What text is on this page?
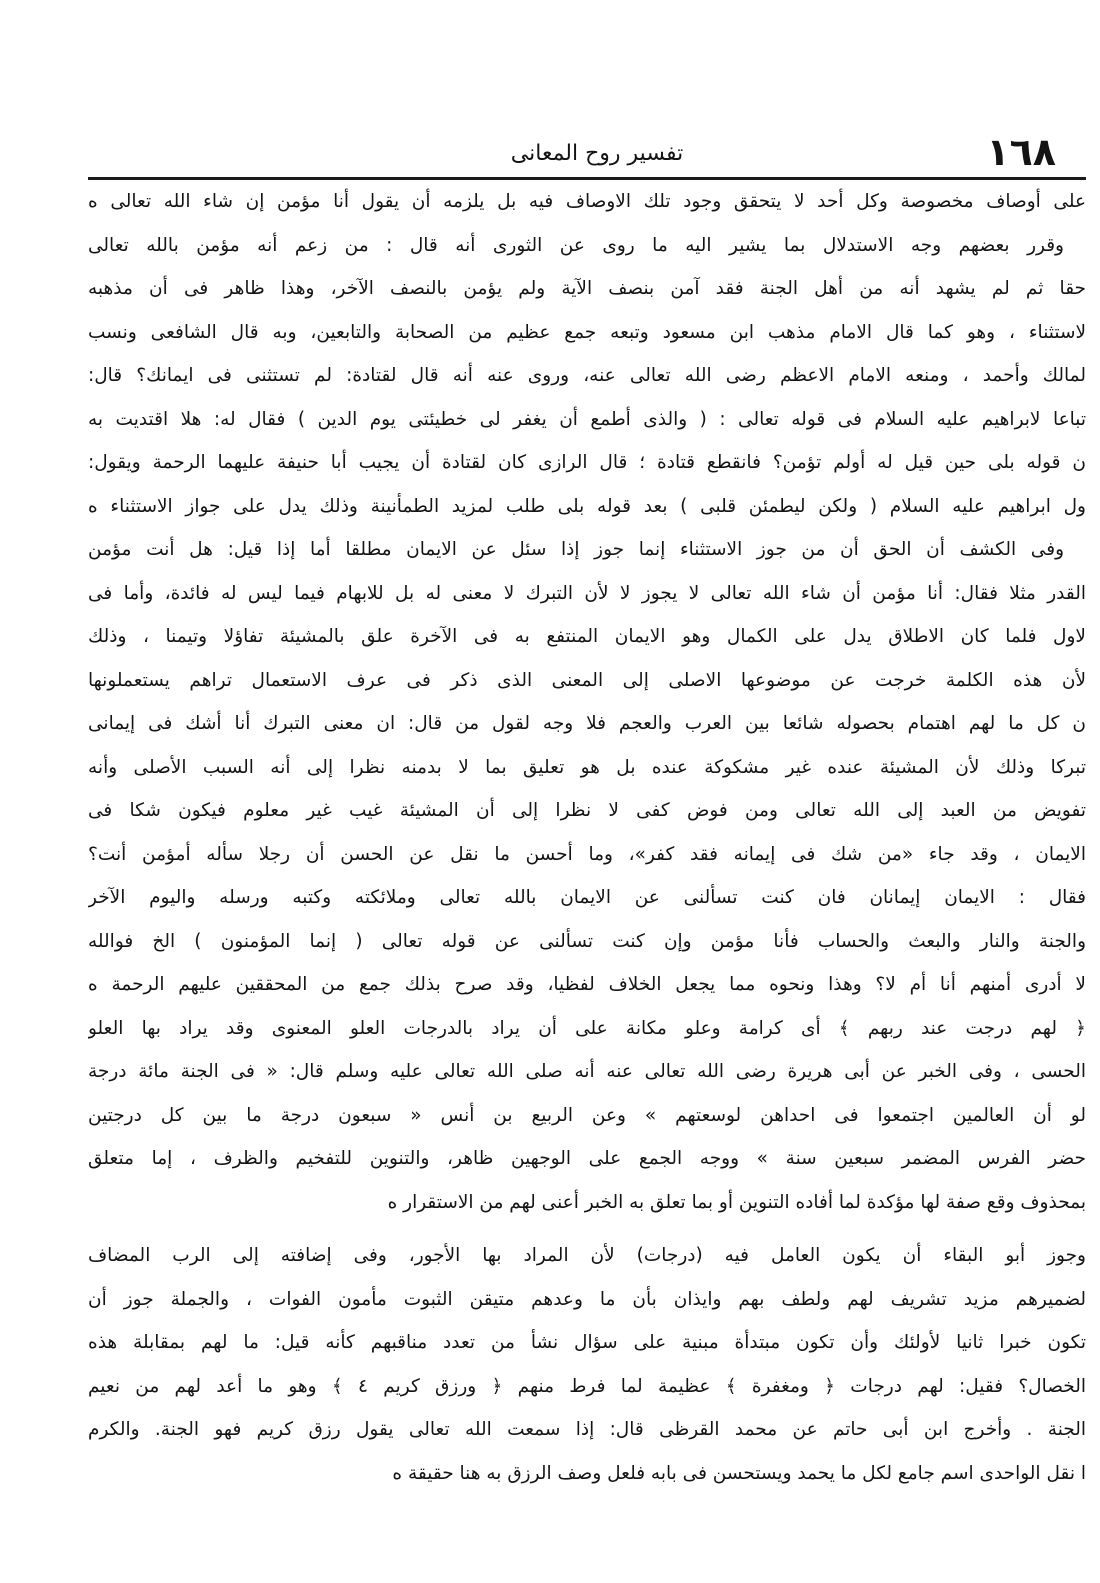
١٦٨
تفسير روح المعانى
على أوصاف مخصوصة وكل أحد لا يتحقق وجود تلك الاوصاف فيه بل يلزمه أن يقول أنا مؤمن إن شاء الله تعالى ه
وقرر بعضهم وجه الاستدلال بما يشير اليه ما روى عن الثورى أنه قال : من زعم أنه مؤمن بالله تعالى
حقا ثم لم يشهد أنه من أهل الجنة فقد آمن بنصف الآية ولم يؤمن بالنصف الآخر، وهذا ظاهر فى أن مذهبه
لاستثناء ، وهو كما قال الامام مذهب ابن مسعود وتبعه جمع عظيم من الصحابة والتابعين، وبه قال الشافعى ونسب
لمالك وأحمد ، ومنعه الامام الاعظم رضى الله تعالى عنه، وروى عنه أنه قال لقتادة: لم تستثنى فى ايمانك؟ قال:
تباعا لابراهيم عليه السلام فى قوله تعالى : ( والذى أطمع أن يغفر لى خطيئتى يوم الدين ) فقال له: هلا اقتديت به
ن قوله بلى حين قيل له أولم تؤمن؟ فانقطع قتادة ؛ قال الرازى كان لقتادة أن يجيب أبا حنيفة عليهما الرحمة ويقول:
ول ابراهيم عليه السلام ( ولكن ليطمئن قلبى ) بعد قوله بلى طلب لمزيد الطمأنينة وذلك يدل على جواز الاستثناء ه
وفى الكشف أن الحق أن من جوز الاستثناء إنما جوز إذا سئل عن الايمان مطلقا أما إذا قيل: هل أنت مؤمن
القدر مثلا فقال: أنا مؤمن أن شاء الله تعالى لا يجوز لا لأن التبرك لا معنى له بل للابهام فيما ليس له فائدة، وأما فى
لاول فلما كان الاطلاق يدل على الكمال وهو الايمان المنتفع به فى الآخرة علق بالمشيئة تفاؤلا وتيمنا ، وذلك
لأن هذه الكلمة خرجت عن موضوعها الاصلى إلى المعنى الذى ذكر فى عرف الاستعمال تراهم يستعملونها
ن كل ما لهم اهتمام بحصوله شائعا بين العرب والعجم فلا وجه لقول من قال: ان معنى التبرك أنا أشك فى إيمانى
تبركا وذلك لأن المشيئة عنده غير مشكوكة عنده بل هو تعليق بما لا بدمنه نظرا إلى أنه السبب الأصلى وأنه
تفويض من العبد إلى الله تعالى ومن فوض كفى لا نظرا إلى أن المشيئة غيب غير معلوم فيكون شكا فى
الايمان ، وقد جاء «من شك فى إيمانه فقد كفر»، وما أحسن ما نقل عن الحسن أن رجلا سأله أمؤمن أنت؟
فقال : الايمان إيمانان فان كنت تسألنى عن الايمان بالله تعالى وملائكته وكتبه ورسله واليوم الآخر
والجنة والنار والبعث والحساب فأنا مؤمن وإن كنت تسألنى عن قوله تعالى ( إنما المؤمنون ) الخ فوالله
لا أدرى أمنهم أنا أم لا؟ وهذا ونحوه مما يجعل الخلاف لفظيا، وقد صرح بذلك جمع من المحققين عليهم الرحمة ه
﴿ لهم درجت عند ربهم ﴾ أى كرامة وعلو مكانة على أن يراد بالدرجات العلو المعنوى وقد يراد بها العلو
الحسى ، وفى الخبر عن أبى هريرة رضى الله تعالى عنه أنه صلى الله تعالى عليه وسلم قال: « فى الجنة مائة درجة
لو أن العالمين اجتمعوا فى احداهن لوسعتهم » وعن الربيع بن أنس « سبعون درجة ما بين كل درجتين
حضر الفرس المضمر سبعين سنة » ووجه الجمع على الوجهين ظاهر، والتنوين للتفخيم والظرف ، إما متعلق
بمحذوف وقع صفة لها مؤكدة لما أفاده التنوين أو بما تعلق به الخبر أعنى لهم من الاستقرار ه
وجوز أبو البقاء أن يكون العامل فيه (درجات) لأن المراد بها الأجور، وفى إضافته إلى الرب المضاف
لضميرهم مزيد تشريف لهم ولطف بهم وايذان بأن ما وعدهم متيقن الثبوت مأمون الفوات ، والجملة جوز أن
تكون خبرا ثانيا لأولئك وأن تكون مبتدأة مبنية على سؤال نشأ من تعدد مناقبهم كأنه قيل: ما لهم بمقابلة هذه
الخصال؟ فقيل: لهم درجات ﴿ ومغفرة ﴾ عظيمة لما فرط منهم ﴿ ورزق كريم ٤ ﴾ وهو ما أعد لهم من نعيم
الجنة . وأخرج ابن أبى حاتم عن محمد القرظى قال: إذا سمعت الله تعالى يقول رزق كريم فهو الجنة. والكرم
ا نقل الواحدى اسم جامع لكل ما يحمد ويستحسن فى بابه فلعل وصف الرزق به هنا حقيقة ه
